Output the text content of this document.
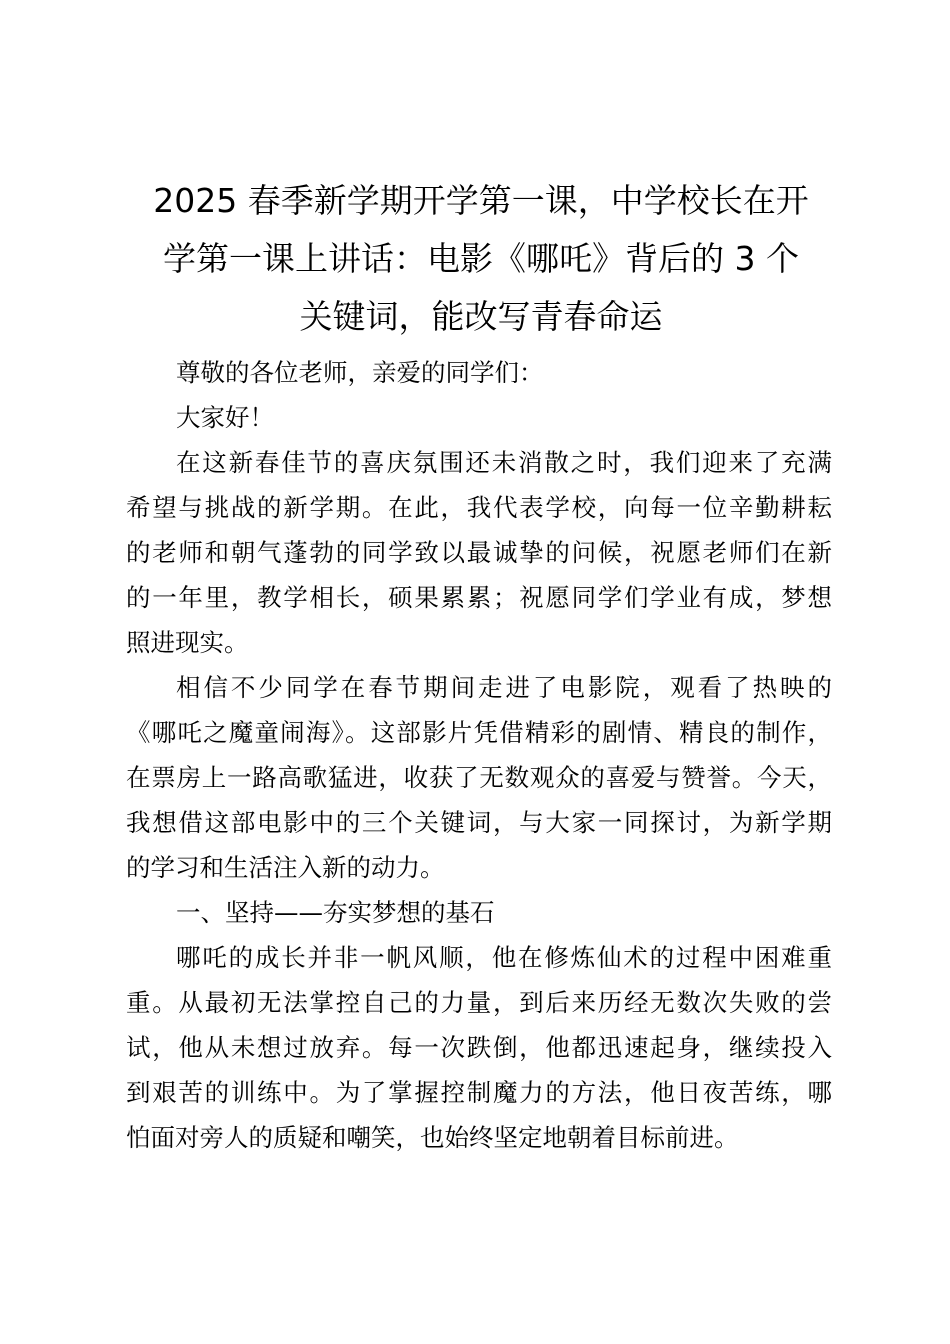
2025 春季新学期开学第一课，中学校长在开
学第一课上讲话：电影《哪吒》背后的 3 个
关键词，能改写青春命运
尊敬的各位老师，亲爱的同学们：
大家好！
在这新春佳节的喜庆氛围还未消散之时，我们迎来了充满
希望与挑战的新学期。在此，我代表学校，向每一位辛勤耕耘
的老师和朝气蓬勃的同学致以最诚挚的问候，祝愿老师们在新
的一年里，教学相长，硕果累累；祝愿同学们学业有成，梦想
照进现实。
相信不少同学在春节期间走进了电影院，观看了热映的
《哪吒之魔童闹海》。这部影片凭借精彩的剧情、精良的制作，
在票房上一路高歌猛进，收获了无数观众的喜爱与赞誉。今天，
我想借这部电影中的三个关键词，与大家一同探讨，为新学期
的学习和生活注入新的动力。
一、坚持——夯实梦想的基石
哪吒的成长并非一帆风顺，他在修炼仙术的过程中困难重
重。从最初无法掌控自己的力量，到后来历经无数次失败的尝
试，他从未想过放弃。每一次跌倒，他都迅速起身，继续投入
到艰苦的训练中。为了掌握控制魔力的方法，他日夜苦练，哪
怕面对旁人的质疑和嘲笑，也始终坚定地朝着目标前进。
